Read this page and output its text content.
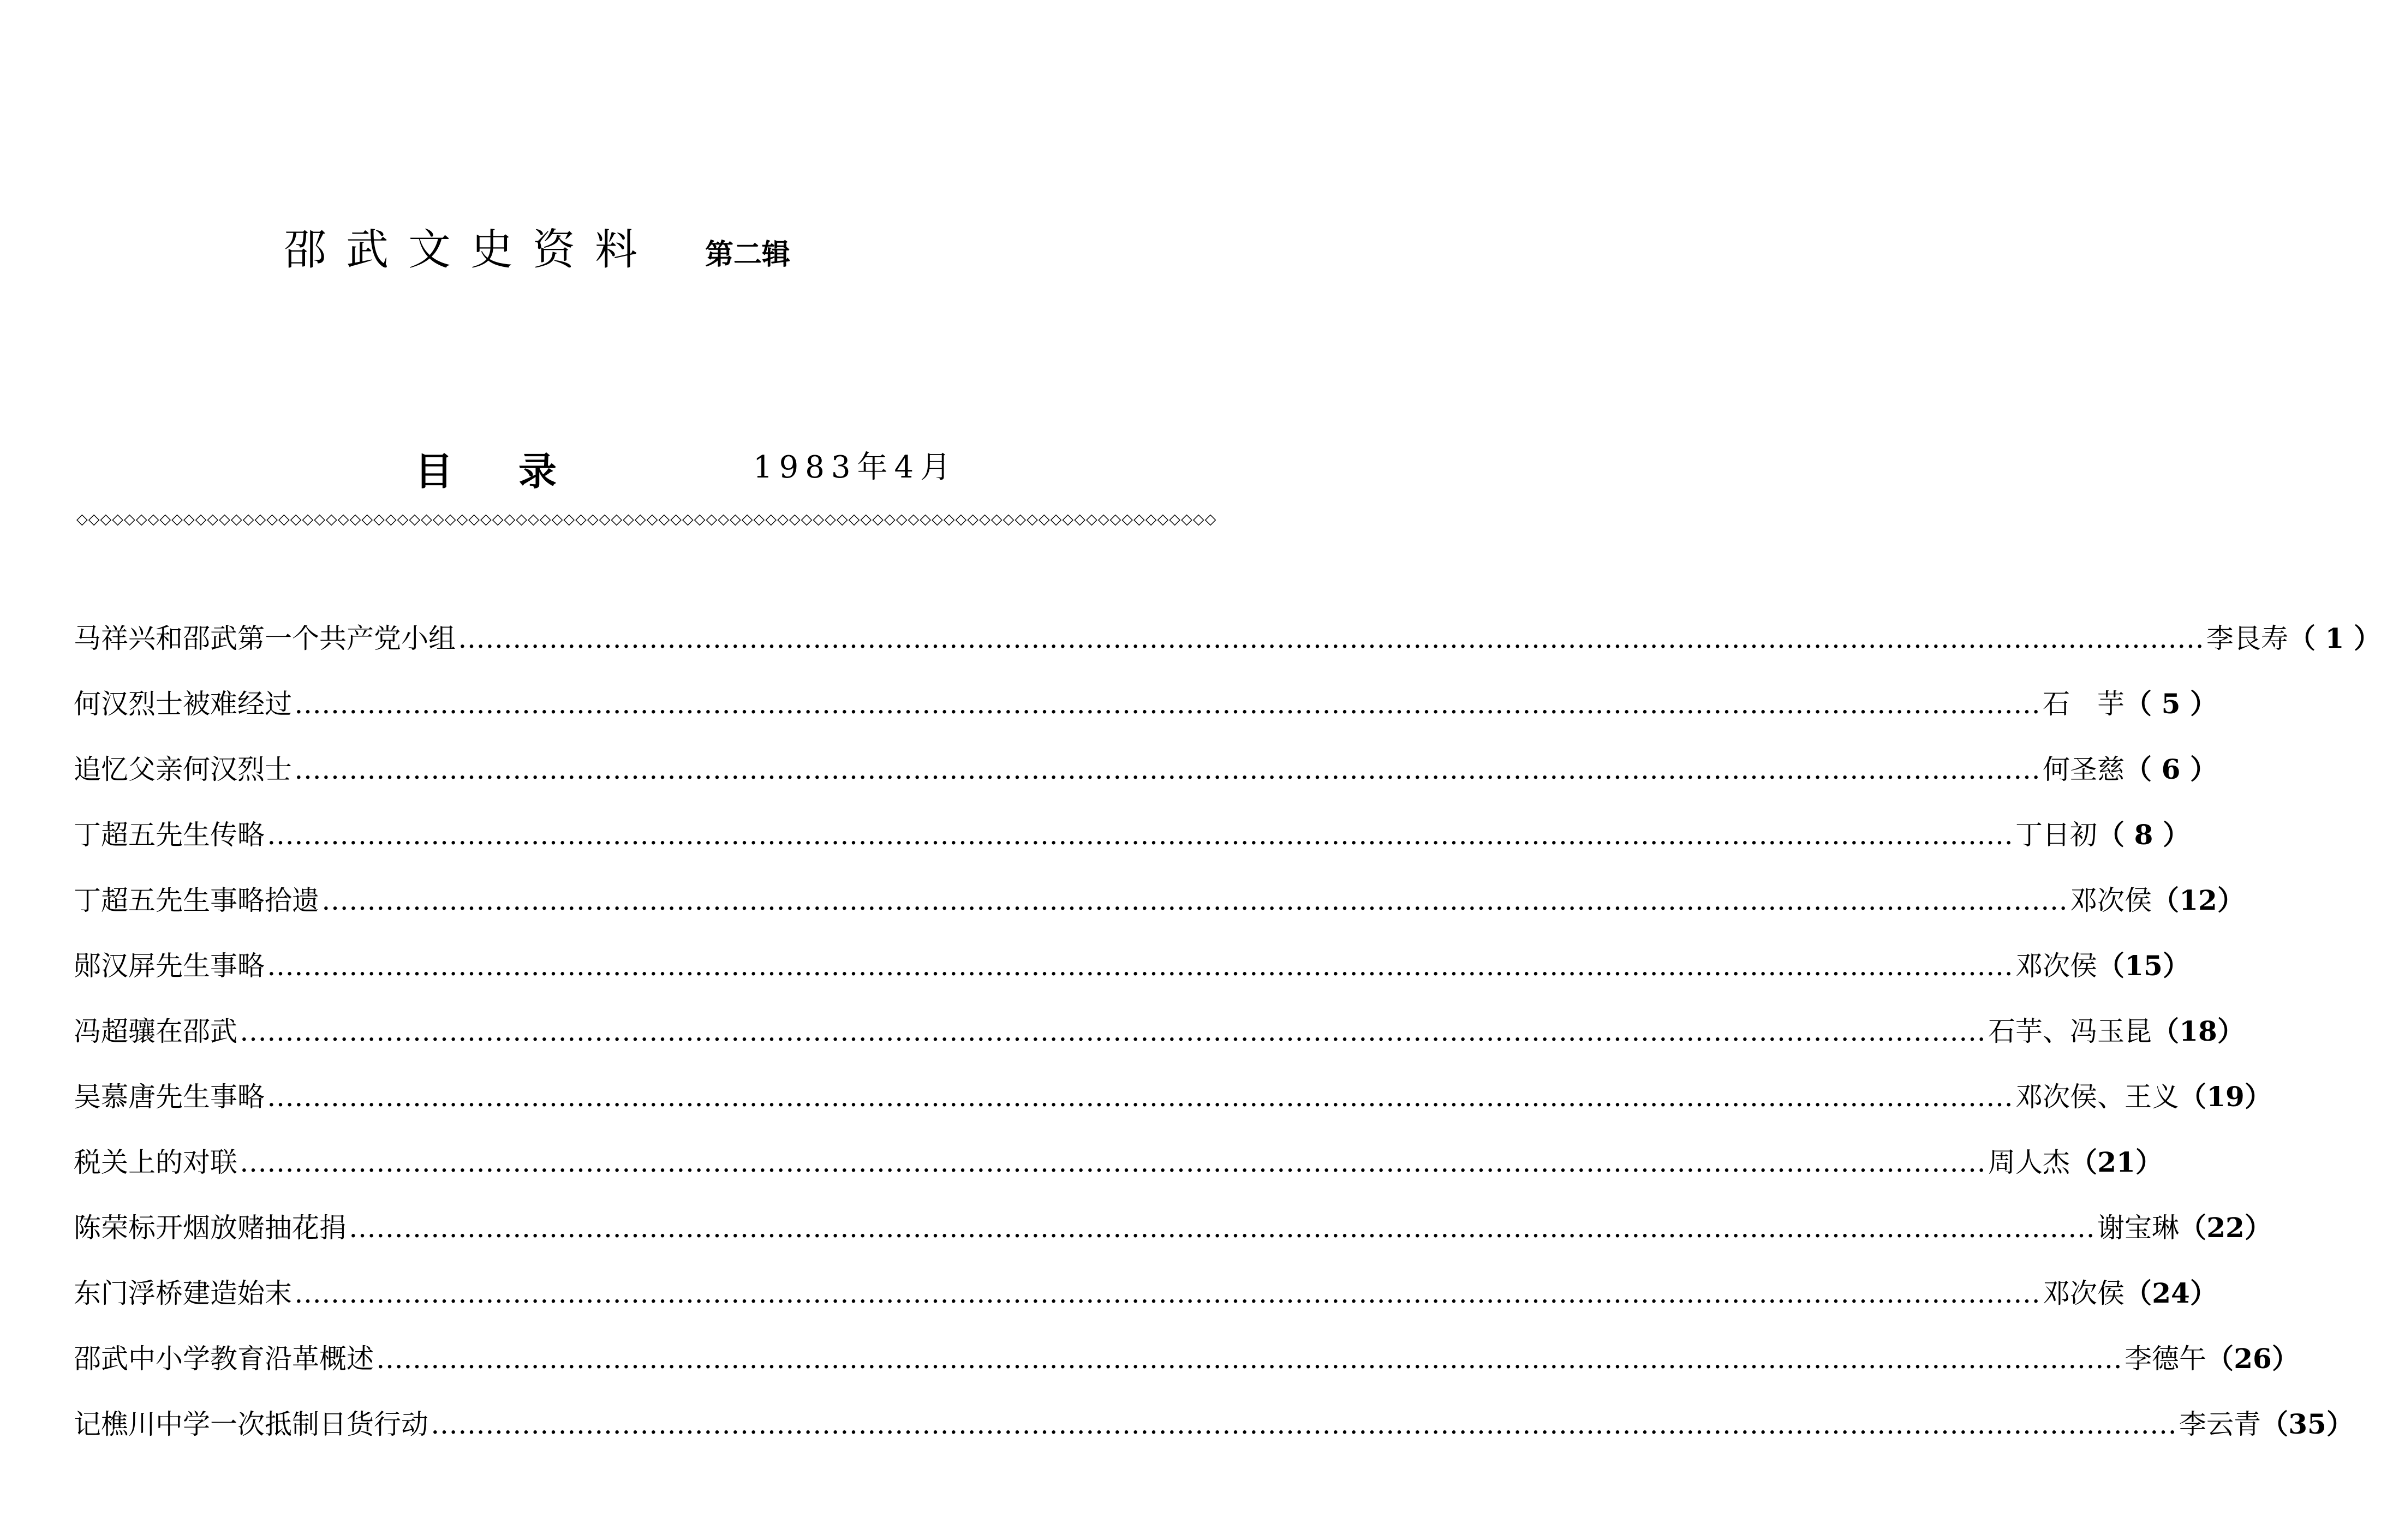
邵武文史资料 第二辑
目录	1983年4月
◇◇◇◇◇◇◇◇◇◇◇◇◇◇◇◇◇◇◇◇◇◇◇◇◇◇◇◇◇◇◇◇◇◇◇◇◇◇◇◇◇◇◇◇◇◇◇◇◇◇◇◇◇◇◇◇◇◇◇◇◇◇◇◇◇◇◇◇◇◇◇◇◇◇◇◇◇◇◇◇◇◇◇◇◇◇◇◇◇◇◇◇◇◇◇◇
马祥兴和邵武第一个共产党小组 …………………………………………………………………………………………………………………………………………………………………………	李艮寿 （ 1 ）
何汉烈士被难经过 …………………………………………………………………………………………………………………………………………………………………………	石　芋 （ 5 ）
追忆父亲何汉烈士 …………………………………………………………………………………………………………………………………………………………………………	何圣慈 （ 6 ）
丁超五先生传略 …………………………………………………………………………………………………………………………………………………………………………	丁日初 （ 8 ）
丁超五先生事略拾遗 …………………………………………………………………………………………………………………………………………………………………………	邓次侯 （12）
郧汉屏先生事略 …………………………………………………………………………………………………………………………………………………………………………	邓次侯 （15）
冯超骧在邵武 …………………………………………………………………………………………………………………………………………………………………………	石芋、冯玉昆 （18）
吴慕唐先生事略 …………………………………………………………………………………………………………………………………………………………………………	邓次侯、王义 （19）
税关上的对联 …………………………………………………………………………………………………………………………………………………………………………	周人杰 （21）
陈荣标开烟放赌抽花捐 …………………………………………………………………………………………………………………………………………………………………………	谢宝琳 （22）
东门浮桥建造始末 …………………………………………………………………………………………………………………………………………………………………………	邓次侯 （24）
邵武中小学教育沿革概述 …………………………………………………………………………………………………………………………………………………………………………	李德午 （26）
记樵川中学一次抵制日货行动 …………………………………………………………………………………………………………………………………………………………………………	李云青 （35）
